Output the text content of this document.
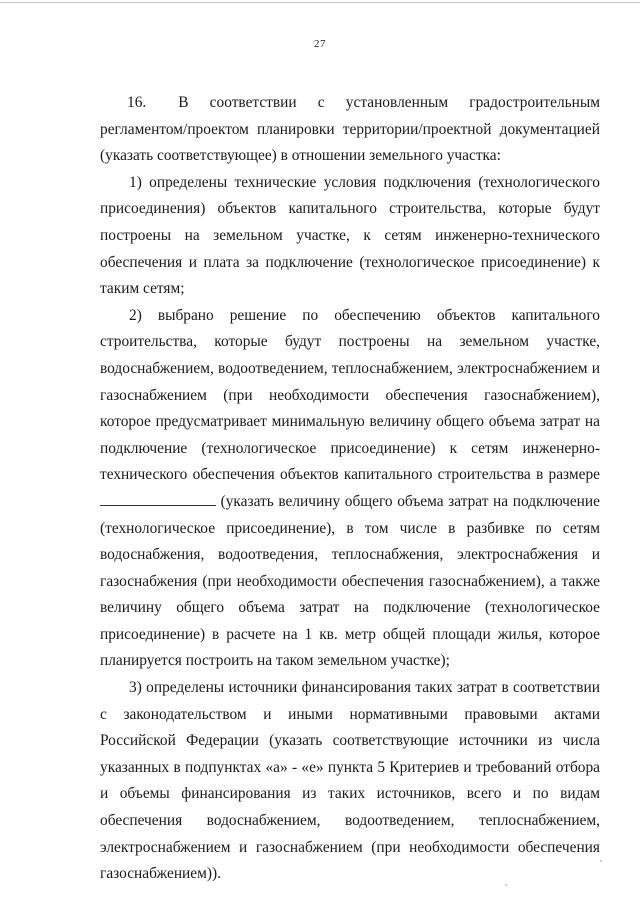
27

16. В соответствии с установленным градостроительным регламентом/проектом планировки территории/проектной документацией (указать соответствующее) в отношении земельного участка:

1) определены технические условия подключения (технологического присоединения) объектов капитального строительства, которые будут построены на земельном участке, к сетям инженерно-технического обеспечения и плата за подключение (технологическое присоединение) к таким сетям;

2) выбрано решение по обеспечению объектов капитального строительства, которые будут построены на земельном участке, водоснабжением, водоотведением, теплоснабжением, электроснабжением и газоснабжением (при необходимости обеспечения газоснабжением), которое предусматривает минимальную величину общего объема затрат на подключение (технологическое присоединение) к сетям инженерно-технического обеспечения объектов капитального строительства в размере  (указать величину общего объема затрат на подключение (технологическое присоединение), в том числе в разбивке по сетям водоснабжения, водоотведения, теплоснабжения, электроснабжения и газоснабжения (при необходимости обеспечения газоснабжением), а также величину общего объема затрат на подключение (технологическое присоединение) в расчете на 1 кв. метр общей площади жилья, которое планируется построить на таком земельном участке);

3) определены источники финансирования таких затрат в соответствии с законодательством и иными нормативными правовыми актами Российской Федерации (указать соответствующие источники из числа указанных в подпунктах «а» - «е» пункта 5 Критериев и требований отбора и объемы финансирования из таких источников, всего и по видам обеспечения водоснабжением, водоотведением, теплоснабжением, электроснабжением и газоснабжением (при необходимости обеспечения газоснабжением)).
